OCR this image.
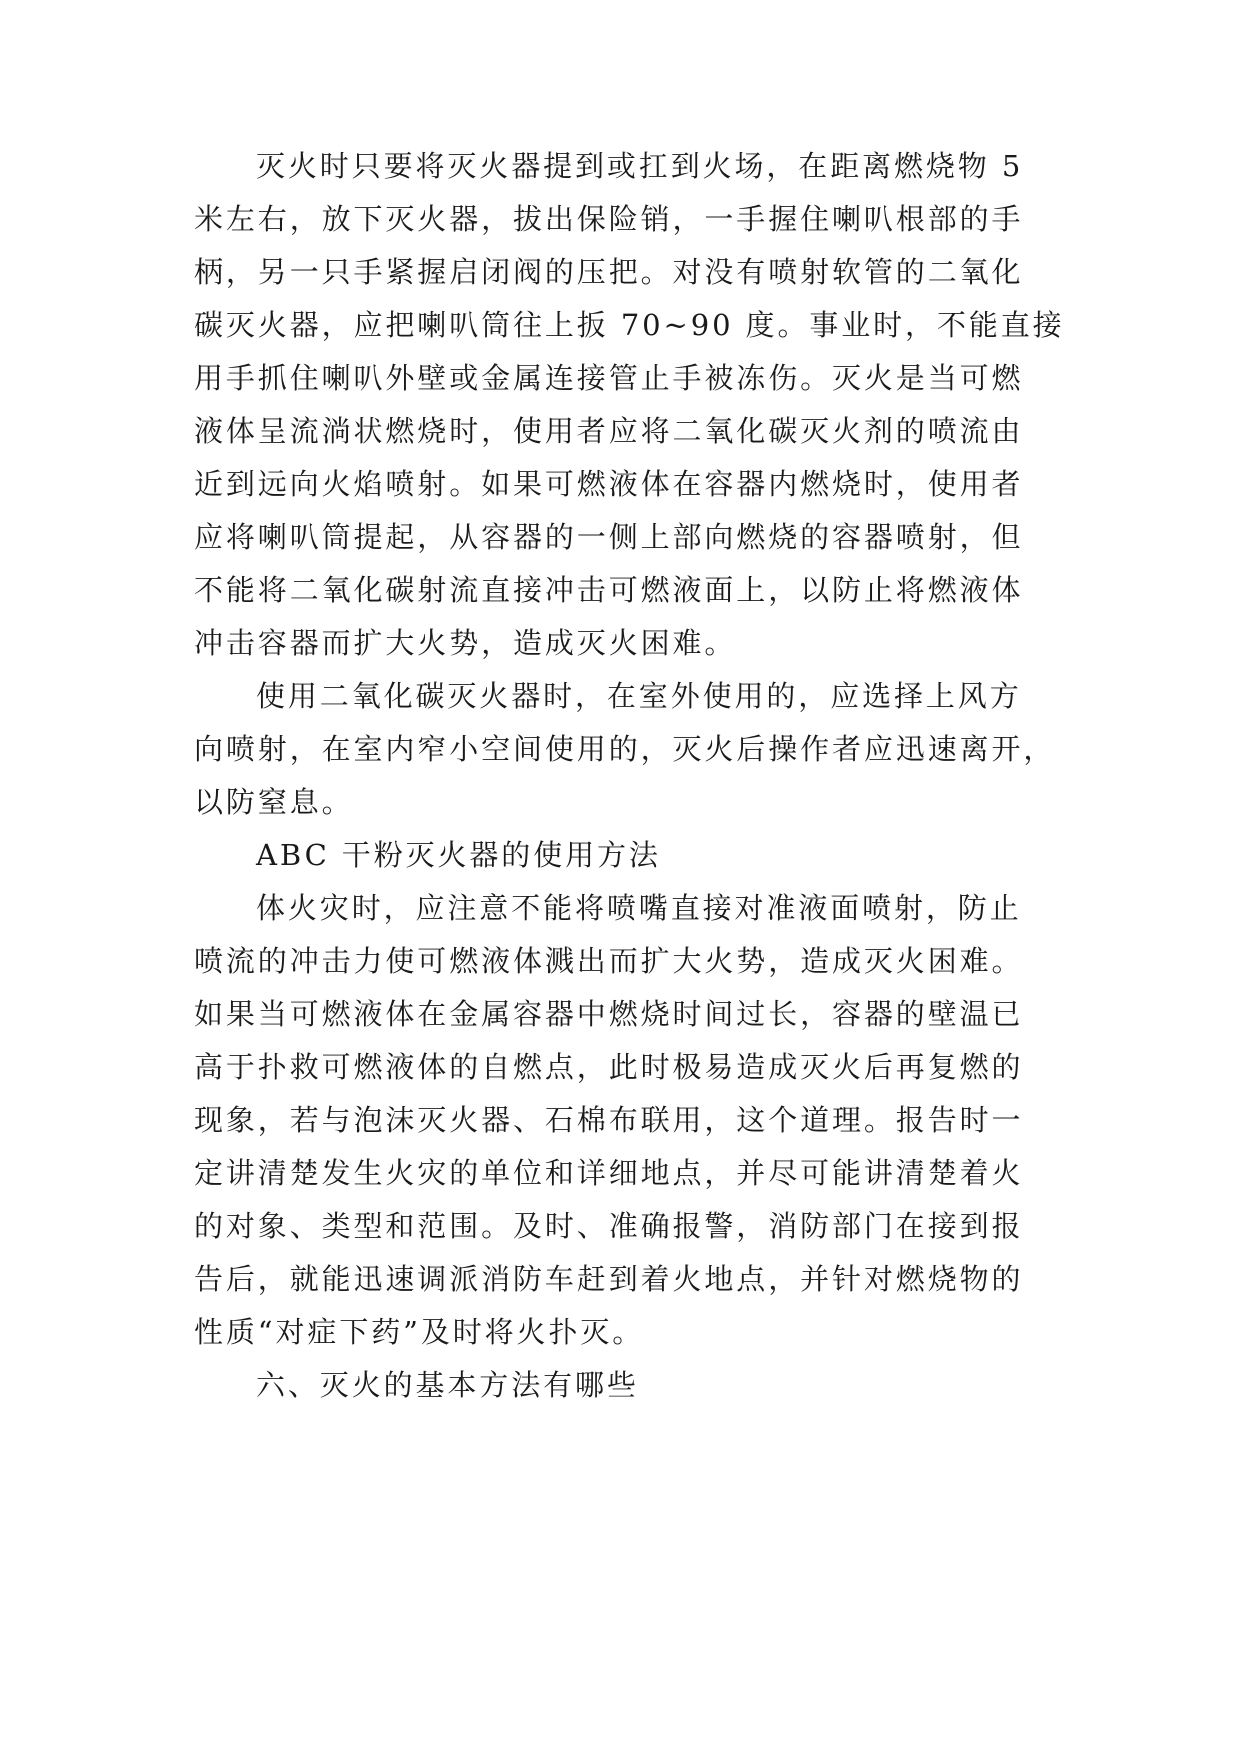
灭火时只要将灭火器提到或扛到火场，在距离燃烧物 5
米左右，放下灭火器，拔出保险销，一手握住喇叭根部的手
柄，另一只手紧握启闭阀的压把。对没有喷射软管的二氧化
碳灭火器，应把喇叭筒往上扳 70~90 度。事业时，不能直接
用手抓住喇叭外壁或金属连接管止手被冻伤。灭火是当可燃
液体呈流淌状燃烧时，使用者应将二氧化碳灭火剂的喷流由
近到远向火焰喷射。如果可燃液体在容器内燃烧时，使用者
应将喇叭筒提起，从容器的一侧上部向燃烧的容器喷射，但
不能将二氧化碳射流直接冲击可燃液面上，以防止将燃液体
冲击容器而扩大火势，造成灭火困难。
使用二氧化碳灭火器时，在室外使用的，应选择上风方
向喷射，在室内窄小空间使用的，灭火后操作者应迅速离开，
以防窒息。
ABC 干粉灭火器的使用方法
体火灾时，应注意不能将喷嘴直接对准液面喷射，防止
喷流的冲击力使可燃液体溅出而扩大火势，造成灭火困难。
如果当可燃液体在金属容器中燃烧时间过长，容器的壁温已
高于扑救可燃液体的自燃点，此时极易造成灭火后再复燃的
现象，若与泡沫灭火器、石棉布联用，这个道理。报告时一
定讲清楚发生火灾的单位和详细地点，并尽可能讲清楚着火
的对象、类型和范围。及时、准确报警，消防部门在接到报
告后，就能迅速调派消防车赶到着火地点，并针对燃烧物的
性质“对症下药”及时将火扑灭。
六、灭火的基本方法有哪些
